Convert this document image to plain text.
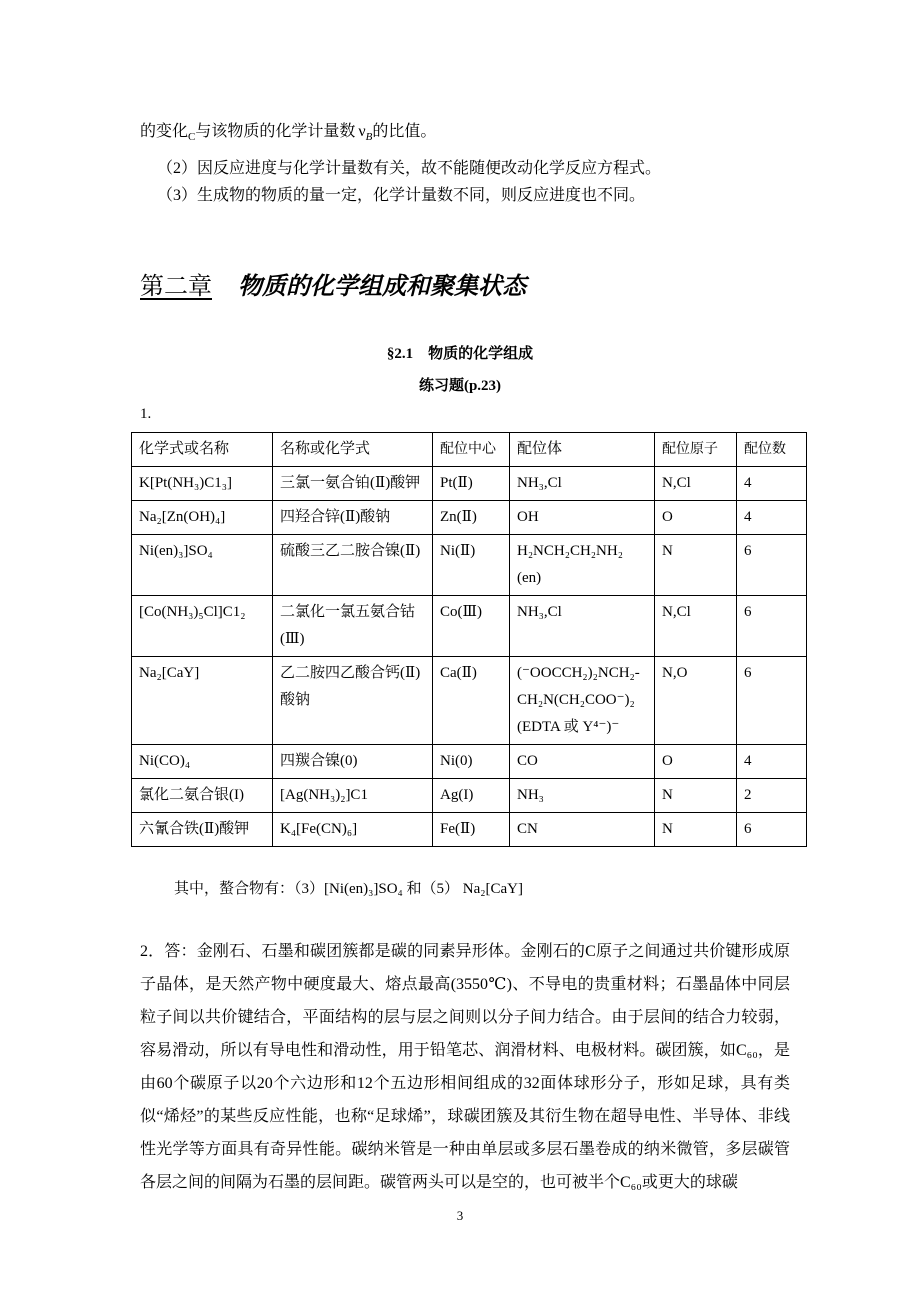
的变化$_C$与该物质的化学计量数 $\nu_B$的比值。
（2）因反应进度与化学计量数有关，故不能随便改动化学反应方程式。
（3）生成物的物质的量一定，化学计量数不同，则反应进度也不同。
第二章 物质的化学组成和聚集状态
§2.1　物质的化学组成
练习题(p.23)
1.
化学式或名称	名称或化学式	配位中心	配位体	配位原子	配位数
K[Pt(NH₃)C1₃]	三氯一氨合铂(Ⅱ)酸钾	Pt(Ⅱ)	NH₃,Cl	N,Cl	4
Na₂[Zn(OH)₄]	四羟合锌(Ⅱ)酸钠	Zn(Ⅱ)	OH	O	4
Ni(en)₃]SO₄	硫酸三乙二胺合镍(Ⅱ)	Ni(Ⅱ)	H₂NCH₂CH₂NH₂ (en)	N	6
[Co(NH₃)₅Cl]C1₂	二氯化一氯五氨合钴(Ⅲ)	Co(Ⅲ)	NH₃,Cl	N,Cl	6
Na₂[CaY]	乙二胺四乙酸合钙(Ⅱ)酸钠	Ca(Ⅱ)	(⁻OOCCH₂)₂NCH₂-CH₂N(CH₂COO⁻)₂ (EDTA 或 Y⁴⁻)⁻	N,O	6
Ni(CO)₄	四羰合镍(0)	Ni(0)	CO	O	4
氯化二氨合银(I)	[Ag(NH₃)₂]C1	Ag(I)	NH₃	N	2
六氰合铁(Ⅱ)酸钾	K₄[Fe(CN)₆]	Fe(Ⅱ)	CN	N	6
其中，螯合物有：（3）[Ni(en)₃]SO₄ 和（5） Na₂[CaY]
2．答：金刚石、石墨和碳团簇都是碳的同素异形体。金刚石的C原子之间通过共价键形成原子晶体，是天然产物中硬度最大、熔点最高(3550℃)、不导电的贵重材料；石墨晶体中同层粒子间以共价键结合，平面结构的层与层之间则以分子间力结合。由于层间的结合力较弱，容易滑动，所以有导电性和滑动性，用于铅笔芯、润滑材料、电极材料。碳团簇，如C₆₀，是由60个碳原子以20个六边形和12个五边形相间组成的32面体球形分子，形如足球，具有类似“烯烃”的某些反应性能，也称“足球烯”，球碳团簇及其衍生物在超导电性、半导体、非线性光学等方面具有奇异性能。碳纳米管是一种由单层或多层石墨卷成的纳米微管，多层碳管各层之间的间隔为石墨的层间距。碳管两头可以是空的，也可被半个C₆₀或更大的球碳
3
